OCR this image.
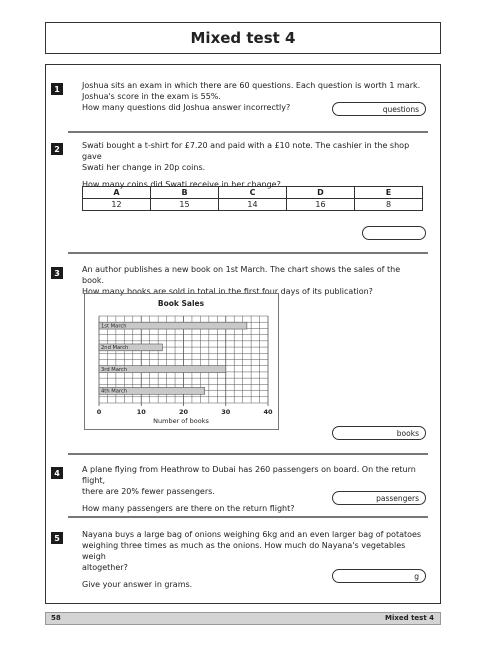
Mixed test 4
1	Joshua sits an exam in which there are 60 questions. Each question is worth 1 mark.

Joshua's score in the exam is 55%.

How many questions did Joshua answer incorrectly?	questions
2	Swati bought a t-shirt for £7.20 and paid with a £10 note. The cashier in the shop gave

Swati her change in 20p coins.

How many coins did Swati receive in her change?

A	B	C	D	E
12	15	14	16	8
3	An author publishes a new book on 1st March. The chart shows the sales of the book.

How many books are sold in total in the first four days of its publication?

Book Sales
1st March
2nd March
3rd March
4th March
0	10	20	30	40
Number of books
books
4	A plane flying from Heathrow to Dubai has 260 passengers on board. On the return flight,

there are 20% fewer passengers.

How many passengers are there on the return flight?

passengers
5	Nayana buys a large bag of onions weighing 6kg and an even larger bag of potatoes

weighing three times as much as the onions. How much do Nayana's vegetables weigh

altogether?

Give your answer in grams.

g
58	Mixed test 4
